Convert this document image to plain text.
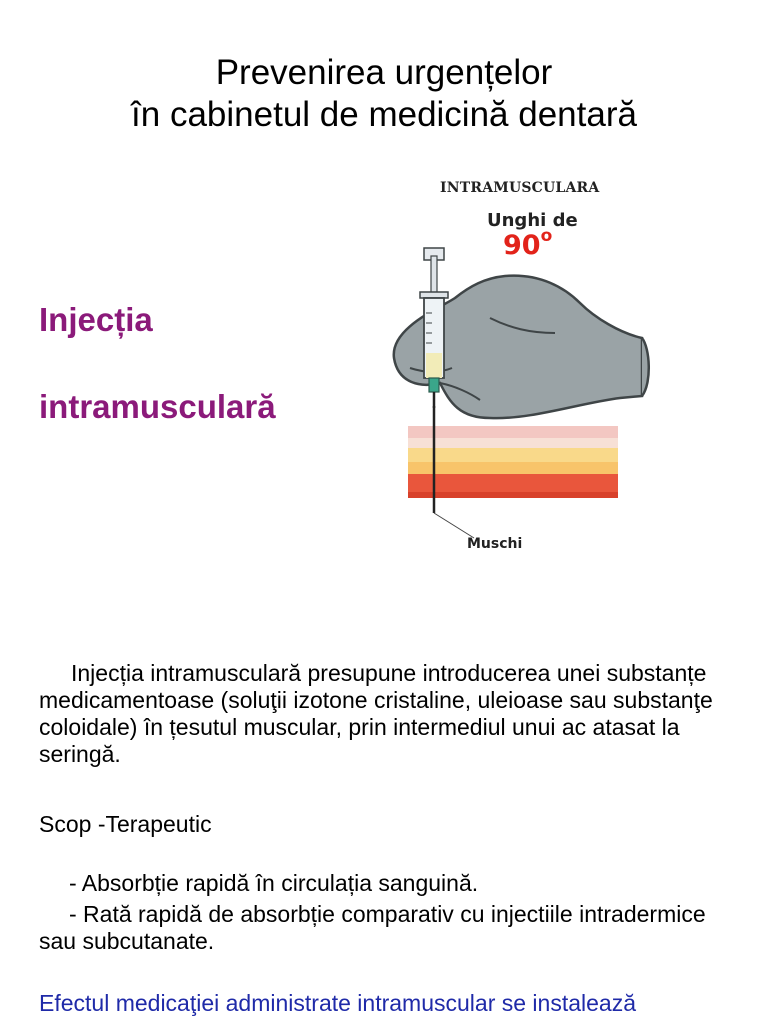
Prevenirea urgențelor
în cabinetul de medicină dentară
Injecția
intramusculară
INTRAMUSCULARA
Unghi de
90$^o$
Muschi

Injecția intramusculară presupune introducerea unei substanțe medicamentoase (soluţii izotone cristaline, uleioase sau substanţe coloidale) în țesutul muscular, prin intermediul unui ac atasat la seringă.

Scop -Terapeutic

- Absorbție rapidă în circulația sanguină.

- Rată rapidă de absorbție comparativ cu injectiile intradermice sau subcutanate.

Efectul medicaţiei administrate intramuscular se instalează
